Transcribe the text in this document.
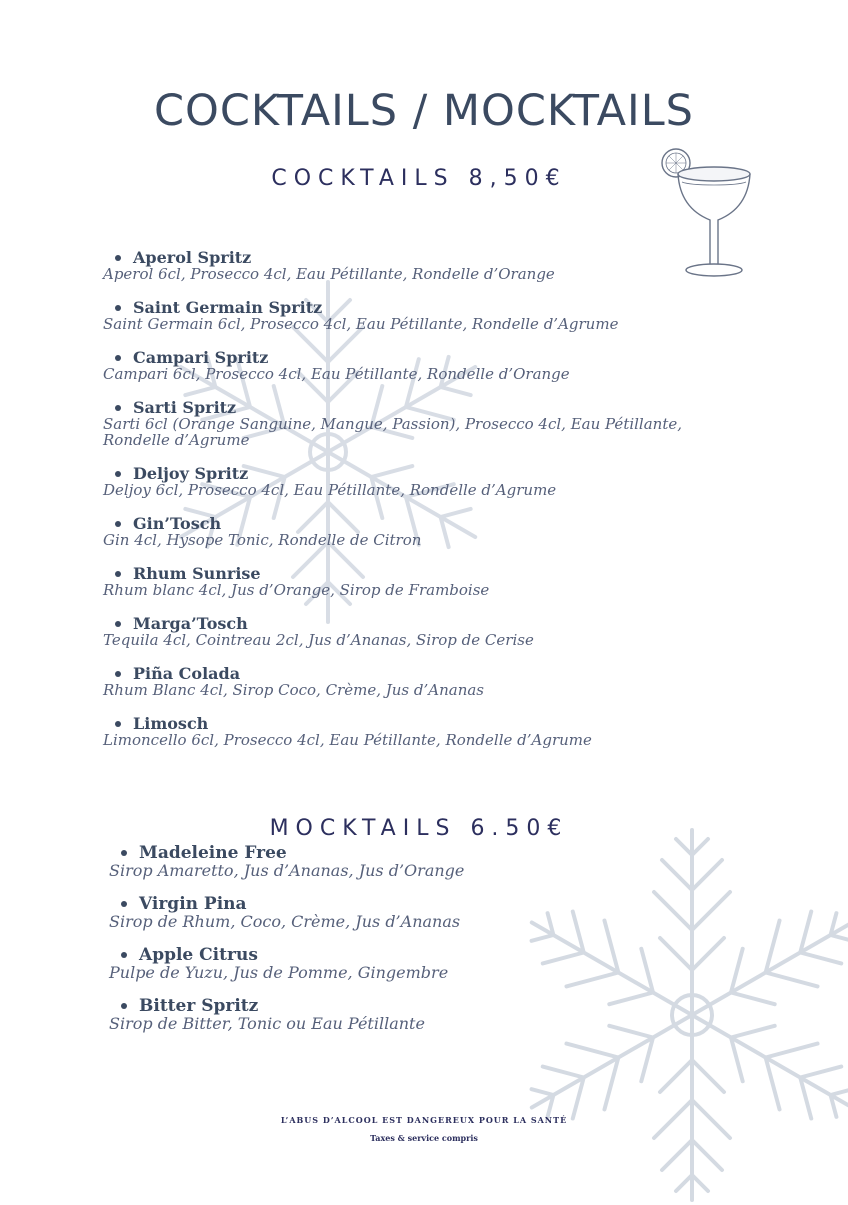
COCKTAILS / MOCKTAILS
COCKTAILS 8,50€
Aperol Spritz
Aperol 6cl, Prosecco 4cl, Eau Pétillante, Rondelle d’Orange
Saint Germain Spritz
Saint Germain 6cl, Prosecco 4cl, Eau Pétillante, Rondelle d’Agrume
Campari Spritz
Campari 6cl, Prosecco 4cl, Eau Pétillante, Rondelle d’Orange
Sarti Spritz
Sarti 6cl (Orange Sanguine, Mangue, Passion), Prosecco 4cl, Eau Pétillante, Rondelle d’Agrume
Deljoy Spritz
Deljoy 6cl, Prosecco 4cl, Eau Pétillante, Rondelle d’Agrume
Gin’Tosch
Gin 4cl, Hysope Tonic, Rondelle de Citron
Rhum Sunrise
Rhum blanc 4cl, Jus d’Orange, Sirop de Framboise
Marga’Tosch
Tequila 4cl, Cointreau 2cl, Jus d’Ananas, Sirop de Cerise
Piña Colada
Rhum Blanc 4cl, Sirop Coco, Crème, Jus d’Ananas
Limosch
Limoncello 6cl, Prosecco 4cl, Eau Pétillante, Rondelle d’Agrume
MOCKTAILS 6.50€
Madeleine Free
Sirop Amaretto, Jus d’Ananas, Jus d’Orange
Virgin Pina
Sirop de Rhum, Coco, Crème, Jus d’Ananas
Apple Citrus
Pulpe de Yuzu, Jus de Pomme, Gingembre
Bitter Spritz
Sirop de Bitter, Tonic ou Eau Pétillante
L’ABUS D’ALCOOL EST DANGEREUX POUR LA SANTÉ
Taxes & service compris
